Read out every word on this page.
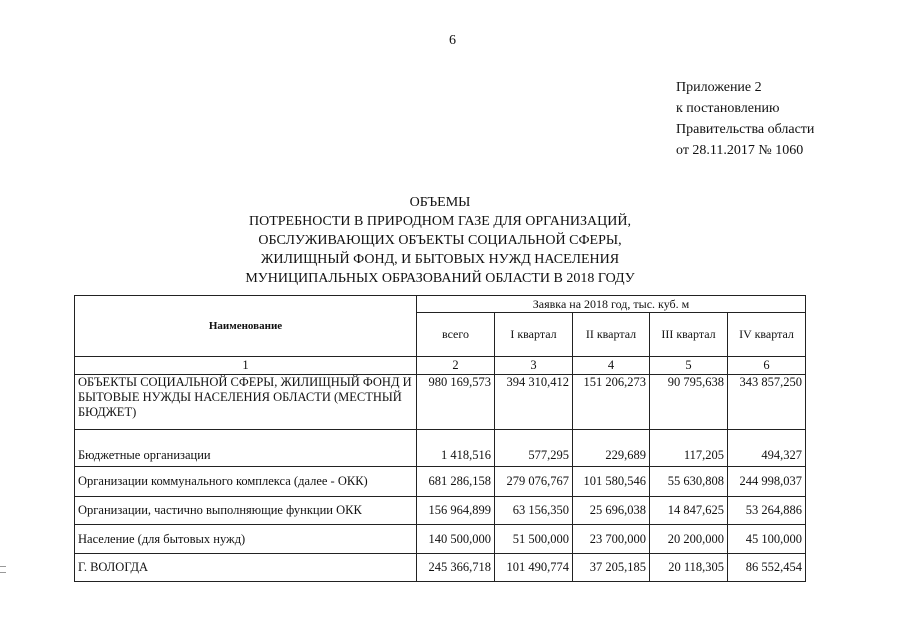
6
Приложение 2
к постановлению
Правительства области
от 28.11.2017 № 1060
ОБЪЕМЫ
ПОТРЕБНОСТИ В ПРИРОДНОМ ГАЗЕ ДЛЯ ОРГАНИЗАЦИЙ,
ОБСЛУЖИВАЮЩИХ ОБЪЕКТЫ СОЦИАЛЬНОЙ СФЕРЫ,
ЖИЛИЩНЫЙ ФОНД, И БЫТОВЫХ НУЖД НАСЕЛЕНИЯ
МУНИЦИПАЛЬНЫХ ОБРАЗОВАНИЙ ОБЛАСТИ В 2018 ГОДУ
Наименование	Заявка на 2018 год, тыс. куб. м				
	всего	I квартал	II квартал	III квартал	IV квартал
1	2	3	4	5	6
ОБЪЕКТЫ СОЦИАЛЬНОЙ СФЕРЫ, ЖИЛИЩНЫЙ ФОНД И БЫТОВЫЕ НУЖДЫ НАСЕЛЕНИЯ ОБЛАСТИ (МЕСТНЫЙ БЮДЖЕТ)	980 169,573	394 310,412	151 206,273	90 795,638	343 857,250
Бюджетные организации	1 418,516	577,295	229,689	117,205	494,327
Организации коммунального комплекса (далее - ОКК)	681 286,158	279 076,767	101 580,546	55 630,808	244 998,037
Организации, частично выполняющие функции ОКК	156 964,899	63 156,350	25 696,038	14 847,625	53 264,886
Население (для бытовых нужд)	140 500,000	51 500,000	23 700,000	20 200,000	45 100,000
Г. ВОЛОГДА	245 366,718	101 490,774	37 205,185	20 118,305	86 552,454
